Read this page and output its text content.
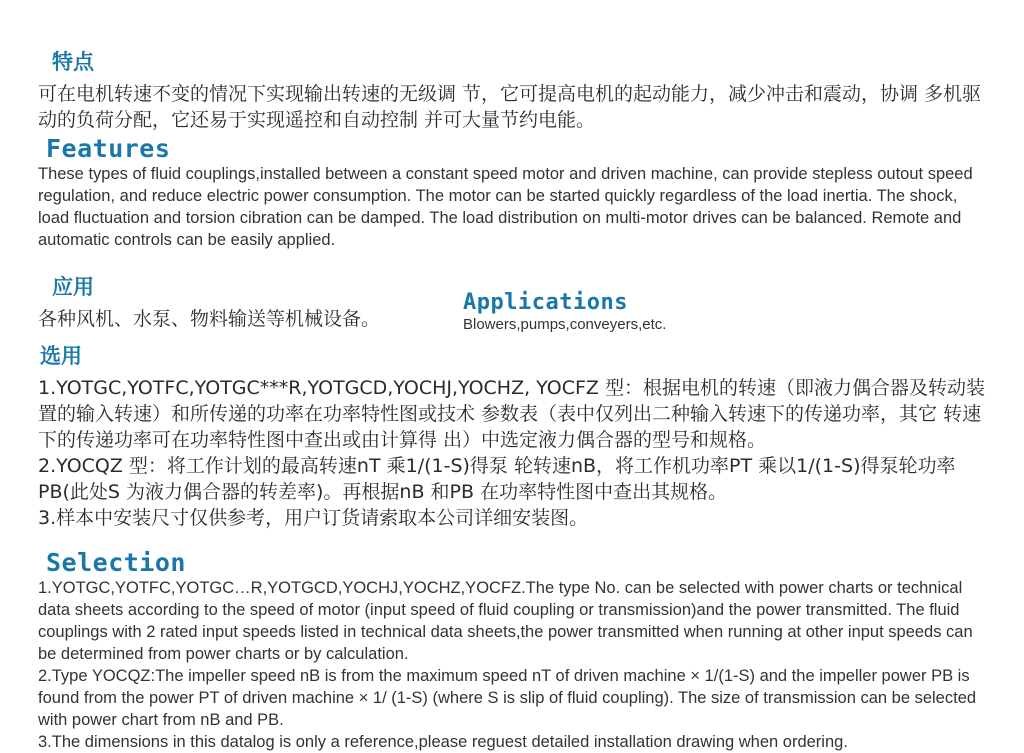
特点

可在电机转速不变的情况下实现输出转速的无级调 节，它可提高电机的起动能力，减少冲击和震动，协调 多机驱动的负荷分配，它还易于实现遥控和自动控制 并可大量节约电能。

Features

These types of fluid couplings,installed between a constant speed motor and driven machine, can provide stepless outout speed regulation, and reduce electric power consumption. The motor can be started quickly regardless of the load inertia. The shock, load fluctuation and torsion cibration can be damped. The load distribution on multi-motor drives can be balanced. Remote and automatic controls can be easily applied.

应用

各种风机、水泵、物料输送等机械设备。

Applications

Blowers,pumps,conveyers,etc.

选用

1.YOTGC,YOTFC,YOTGC***R,YOTGCD,YOCHJ,YOCHZ, YOCFZ 型：根据电机的转速（即液力偶合器及转动装置的输入转速）和所传递的功率在功率特性图或技术 参数表（表中仅列出二种输入转速下的传递功率，其它 转速下的传递功率可在功率特性图中查出或由计算得 出）中选定液力偶合器的型号和规格。

2.YOCQZ 型：将工作计划的最高转速nT 乘1/(1-S)得泵 轮转速nB，将工作机功率PT 乘以1/(1-S)得泵轮功率 PB(此处S 为液力偶合器的转差率)。再根据nB 和PB 在功率特性图中查出其规格。

3.样本中安装尺寸仅供参考，用户订货请索取本公司详细安装图。

Selection

1.YOTGC,YOTFC,YOTGC…R,YOTGCD,YOCHJ,YOCHZ,YOCFZ.The type No. can be selected with power charts or technical data sheets according to the speed of motor (input speed of fluid coupling or transmission)and the power transmitted. The fluid couplings with 2 rated input speeds listed in technical data sheets,the power transmitted when running at other input speeds can be determined from power charts or by calculation.

2.Type YOCQZ:The impeller speed nB is from the maximum speed nT of driven machine × 1/(1-S) and the impeller power PB is found from the power PT of driven machine × 1/ (1-S) (where S is slip of fluid coupling). The size of transmission can be selected with power chart from nB and PB.

3.The dimensions in this datalog is only a reference,please reguest detailed installation drawing when ordering.
